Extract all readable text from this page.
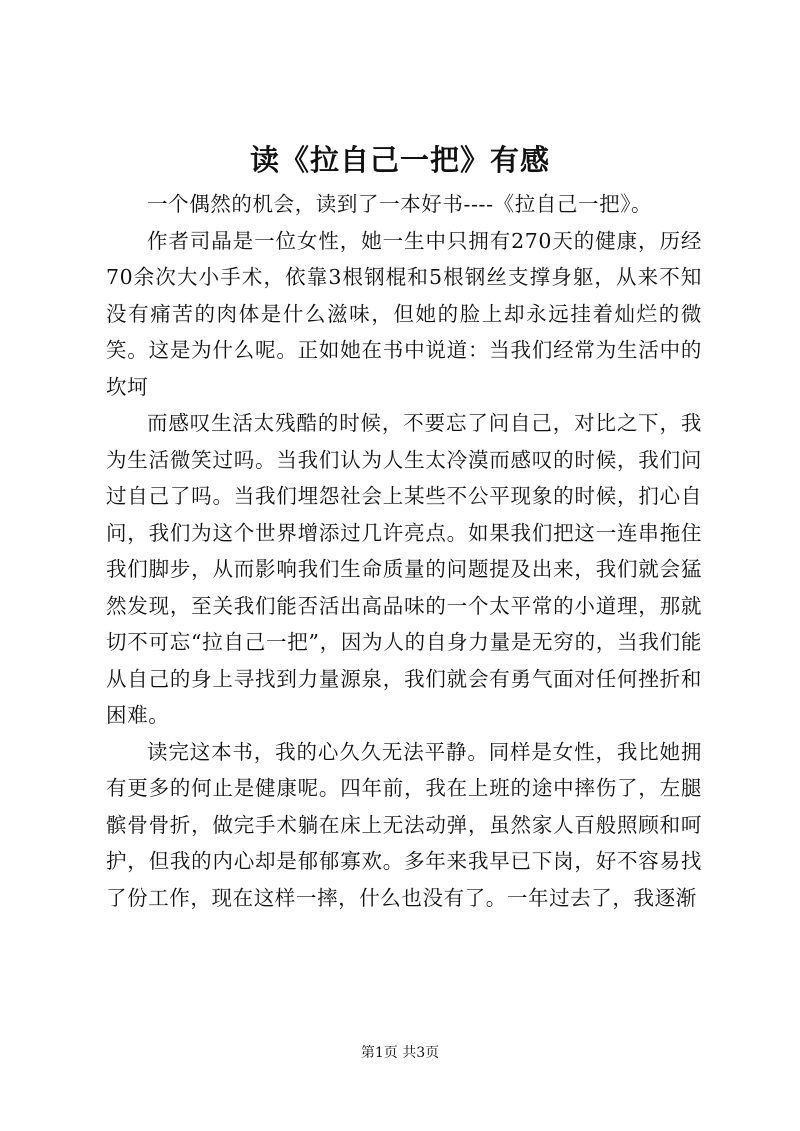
读《拉自己一把》有感

一个偶然的机会，读到了一本好书----《拉自己一把》。

作者司晶是一位女性，她一生中只拥有270天的健康，历经70余次大小手术，依靠3根钢棍和5根钢丝支撑身躯，从来不知没有痛苦的肉体是什么滋味，但她的脸上却永远挂着灿烂的微笑。这是为什么呢。正如她在书中说道：当我们经常为生活中的坎坷

而感叹生活太残酷的时候，不要忘了问自己，对比之下，我为生活微笑过吗。当我们认为人生太冷漠而感叹的时候，我们问过自己了吗。当我们埋怨社会上某些不公平现象的时候，扪心自问，我们为这个世界增添过几许亮点。如果我们把这一连串拖住我们脚步，从而影响我们生命质量的问题提及出来，我们就会猛然发现，至关我们能否活出高品味的一个太平常的小道理，那就切不可忘“拉自己一把”，因为人的自身力量是无穷的，当我们能从自己的身上寻找到力量源泉，我们就会有勇气面对任何挫折和困难。

读完这本书，我的心久久无法平静。同样是女性，我比她拥有更多的何止是健康呢。四年前，我在上班的途中摔伤了，左腿髌骨骨折，做完手术躺在床上无法动弹，虽然家人百般照顾和呵护，但我的内心却是郁郁寡欢。多年来我早已下岗，好不容易找了份工作，现在这样一摔，什么也没有了。一年过去了，我逐渐

第1页 共3页
